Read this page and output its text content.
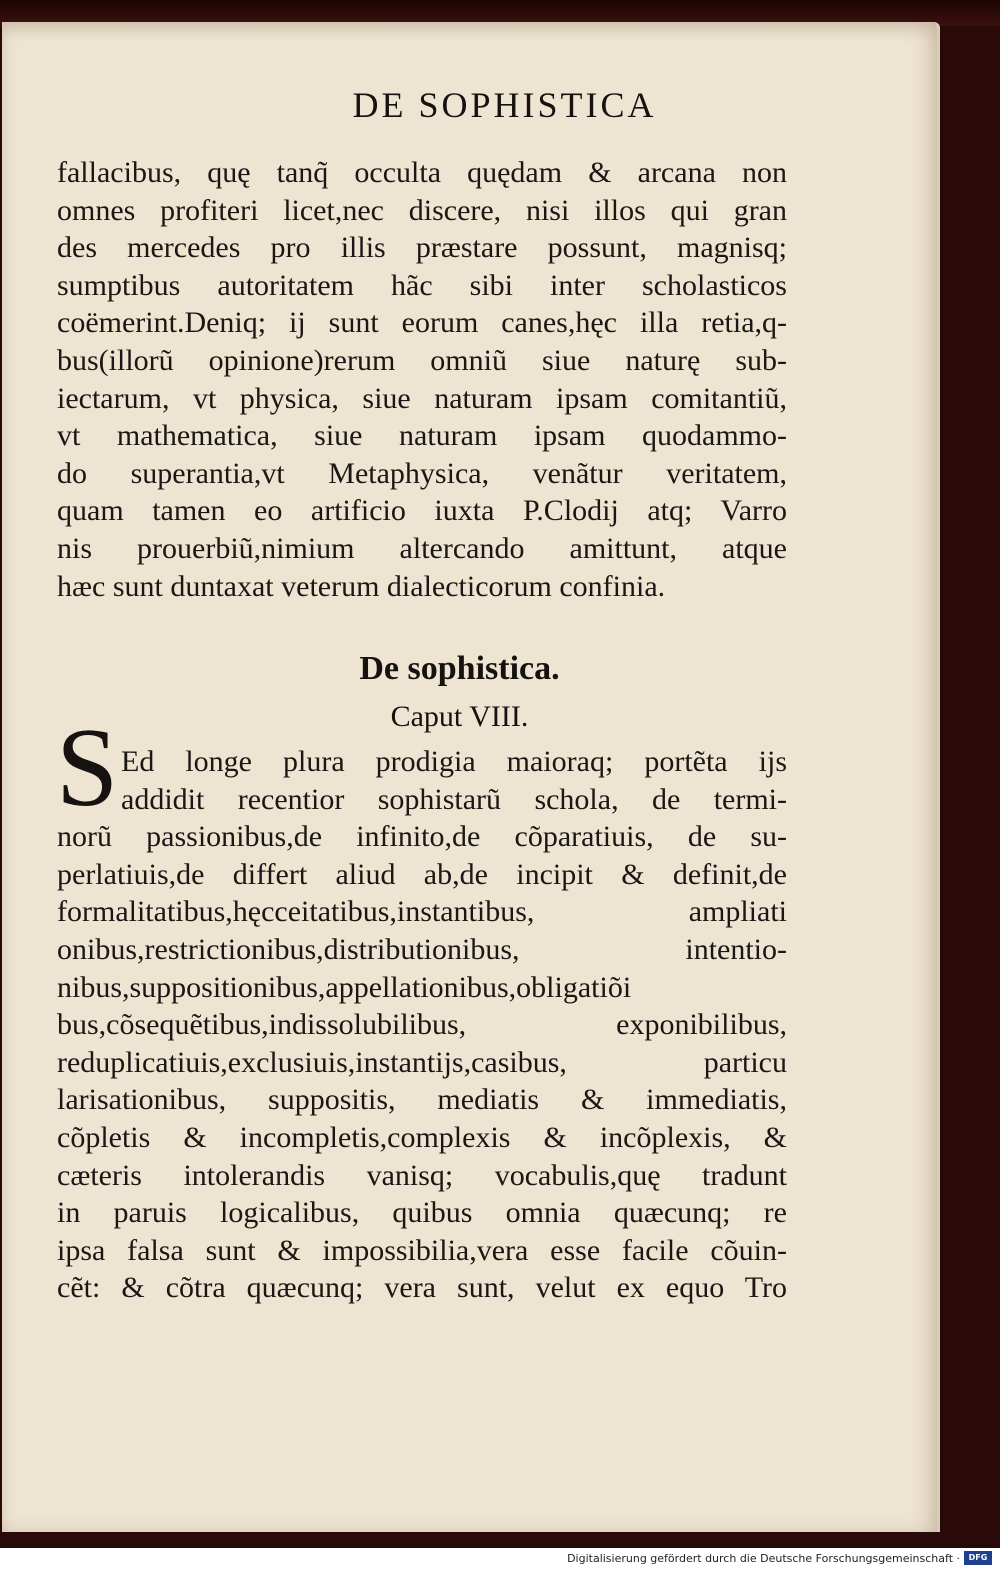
DE SOPHISTICA
fallacibus, quę tanq̃ occulta quędam & arcana non
omnes profiteri licet,nec discere, nisi illos qui gran
des mercedes pro illis præstare possunt, magnisq;
sumptibus autoritatem hãc sibi inter scholasticos
coëmerint.Deniq; ij sunt eorum canes,hęc illa retia,q-
bus(illorũ opinione)rerum omniũ siue naturę sub-
iectarum, vt physica, siue naturam ipsam comitantiũ,
vt mathematica, siue naturam ipsam quodammo-
do superantia,vt Metaphysica, venãtur veritatem,
quam tamen eo artificio iuxta P.Clodij atq; Varro
nis prouerbiũ,nimium altercando amittunt, atque
hæc sunt duntaxat veterum dialecticorum confinia.
De sophistica.
Caput VIII.
S Ed longe plura prodigia maioraq; portẽta ijs
addidit recentior sophistarũ schola, de termi-
norũ passionibus,de infinito,de cõparatiuis, de su-
perlatiuis,de differt aliud ab,de incipit & definit,de
formalitatibus,hęcceitatibus,instantibus, ampliati
onibus,restrictionibus,distributionibus, intentio-
nibus,suppositionibus,appellationibus,obligatiõi
bus,cõsequẽtibus,indissolubilibus, exponibilibus,
reduplicatiuis,exclusiuis,instantijs,casibus, particu
larisationibus, suppositis, mediatis & immediatis,
cõpletis & incompletis,complexis & incõplexis, &
cæteris intolerandis vanisq; vocabulis,quę tradunt
in paruis logicalibus, quibus omnia quæcunq; re
ipsa falsa sunt & impossibilia,vera esse facile cõuin-
cẽt: & cõtra quæcunq; vera sunt, velut ex equo Tro
Digitalisierung gefördert durch die Deutsche Forschungsgemeinschaft ·	DFG
